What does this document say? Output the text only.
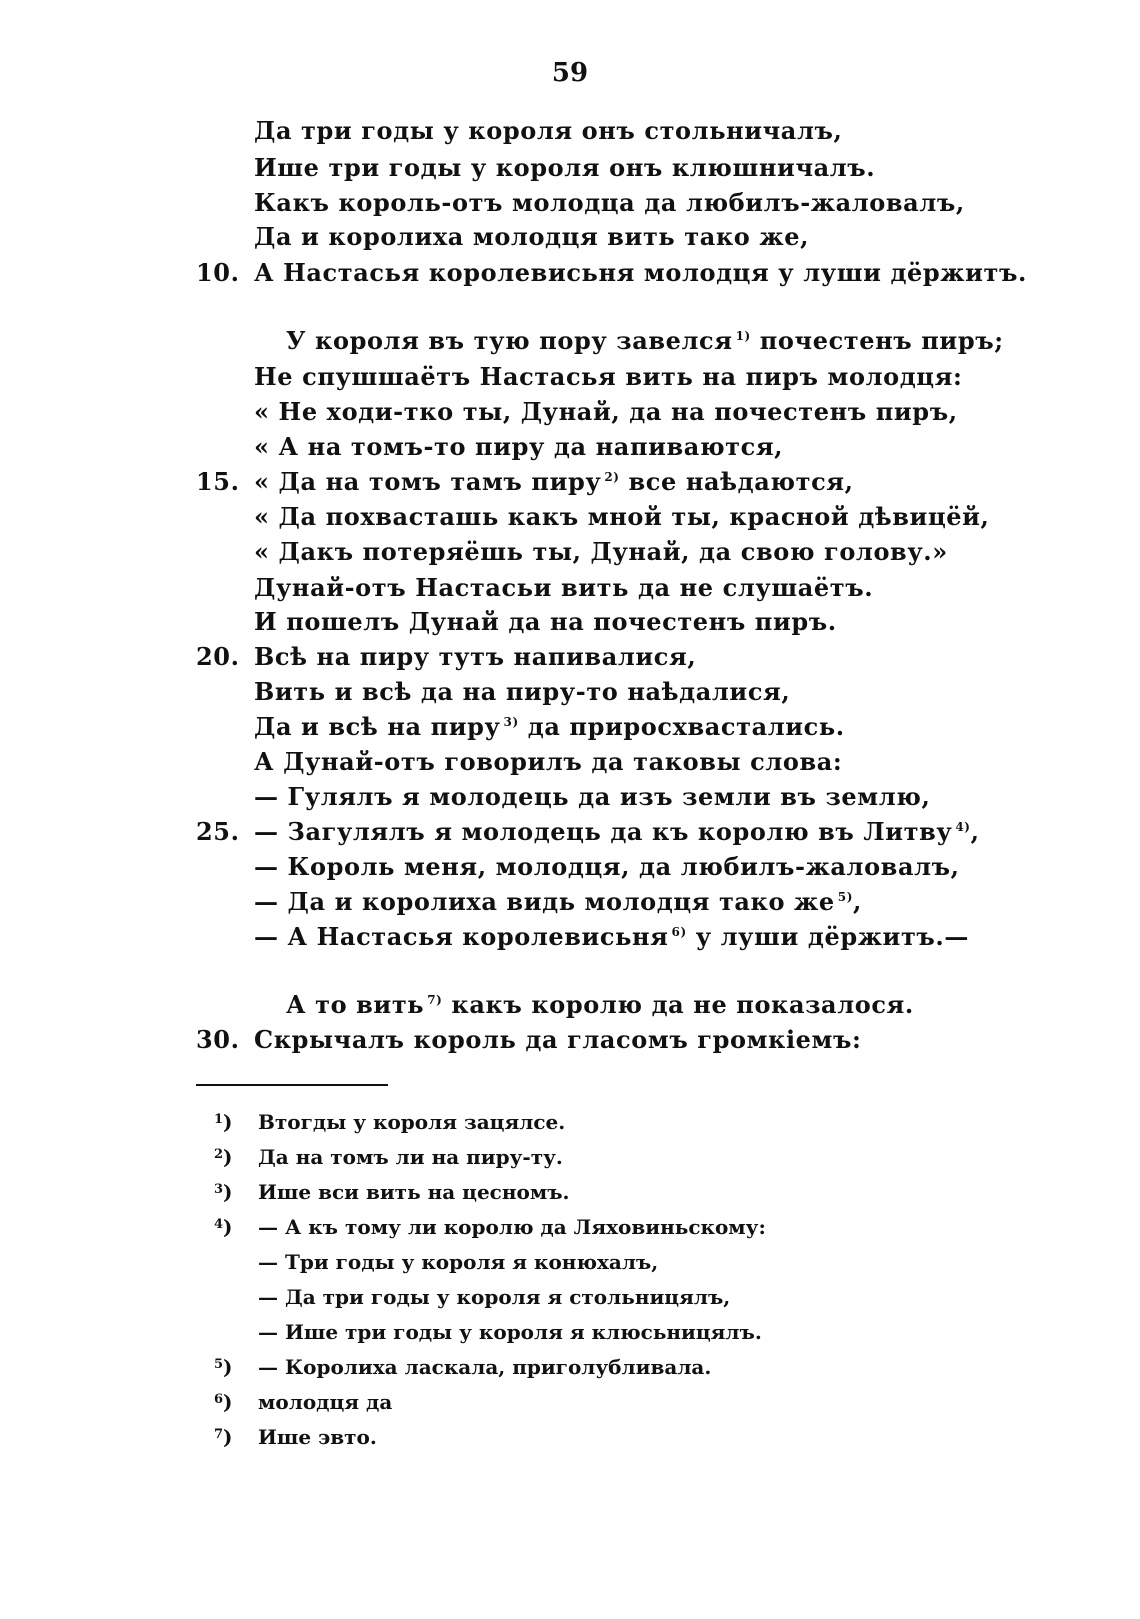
59
Да три годы у короля онъ стольничалъ,
Ише три годы у короля онъ клюшничалъ.
Какъ король-отъ молодца да любилъ-жаловалъ,
Да и королиха молодця вить тако же,
10. А Настасья королевисьня молодця у луши дёржитъ.
У короля въ тую пору завелся $^{1)}$ почестенъ пиръ;
Не спушшаётъ Настасья вить на пиръ молодця:
« Не ходи-тко ты, Дунай, да на почестенъ пиръ,
« А на томъ-то пиру да напиваются,
15. « Да на томъ тамъ пиру $^{2)}$ все наѣдаются,
« Да похвасташь какъ мной ты, красной дѣвицёй,
« Дакъ потеряёшь ты, Дунай, да свою голову.»
Дунай-отъ Настасьи вить да не слушаётъ.
И пошелъ Дунай да на почестенъ пиръ.
20. Всѣ на пиру тутъ напивалися,
Вить и всѣ да на пиру-то наѣдалися,
Да и всѣ на пиру $^{3)}$ да приросхвастались.
А Дунай-отъ говорилъ да таковы слова:
— Гулялъ я молодець да изъ земли въ землю,
25. — Загулялъ я молодець да къ королю въ Литву $^{4)}$,
— Король меня, молодця, да любилъ-жаловалъ,
— Да и королиха видь молодця тако же $^{5)}$,
— А Настасья королевисьня $^{6)}$ у луши дёржитъ.—
А то вить $^{7)}$ какъ королю да не показалося.
30. Скрычалъ король да гласомъ громкіемъ:
$^1$) Втогды у короля зацялсе.
$^2$) Да на томъ ли на пиру-ту.
$^3$) Ише вси вить на цесномъ.
$^4$) — А къ тому ли королю да Ляховиньскому:
— Три годы у короля я конюхалъ,
— Да три годы у короля я стольницялъ,
— Ише три годы у короля я клюсьницялъ.
$^5$) — Королиха ласкала, приголубливала.
$^6$) молодця да
$^7$) Ише эвто.
